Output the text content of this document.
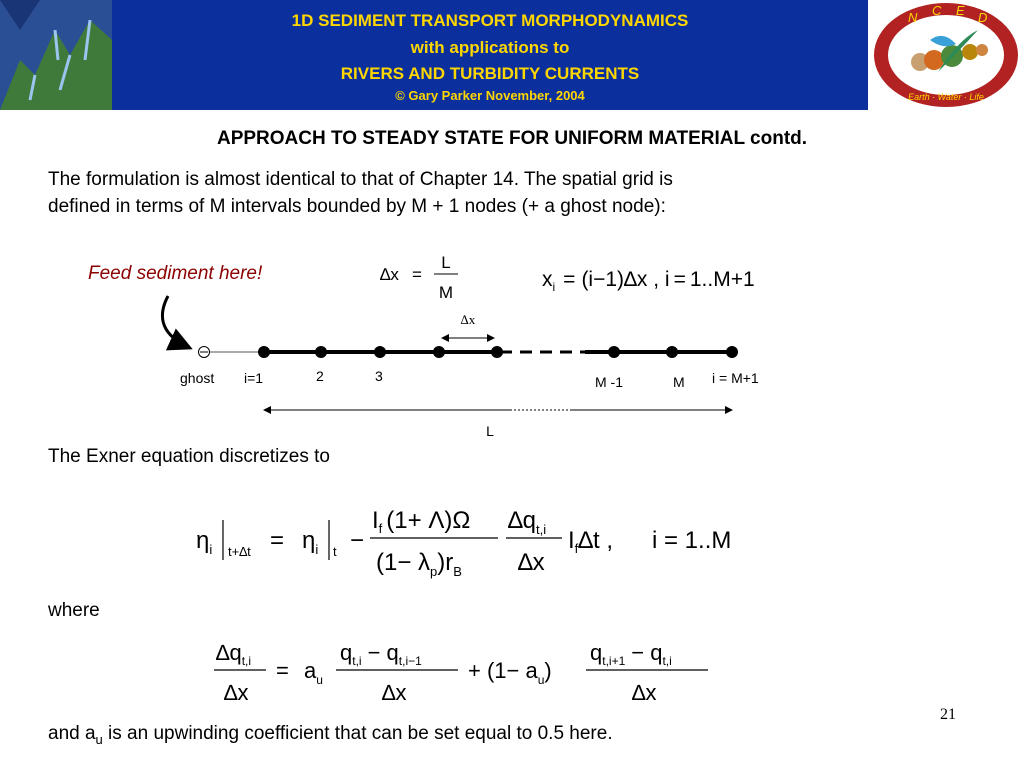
1D SEDIMENT TRANSPORT MORPHODYNAMICS
with applications to
RIVERS AND TURBIDITY CURRENTS
© Gary Parker November, 2004
N C E D
Earth · Water · Life
APPROACH TO STEADY STATE FOR UNIFORM MATERIAL contd.
The formulation is almost identical to that of Chapter 14. The spatial grid is
defined in terms of M intervals bounded by M + 1 nodes (+ a ghost node):
Feed sediment here!	∆x =
L
M
$x_i = (i-1)\Delta x$ , i = 1..M+1
∆x
ghost i=1	2	3	M -1	M i = M+1
L
The Exner equation discretizes to
$\eta_i$ $t+\Delta t = \eta_i$ t −
$I_f$ (1+ Λ)Ω
$(1- \lambda_p)r_B$
$\Delta q_{t,i}$
∆x
$I_f\Delta t$ , i = 1..M
where
$\Delta q_{t,i}$
∆x
= $a_u$
$q_{t,i} - q_{t,i-1}$
∆x
+ $(1- a_u)$
$q_{t,i+1} - q_{t,i}$
∆x
and $a_u$ is an upwinding coefficient that can be set equal to 0.5 here.
21
